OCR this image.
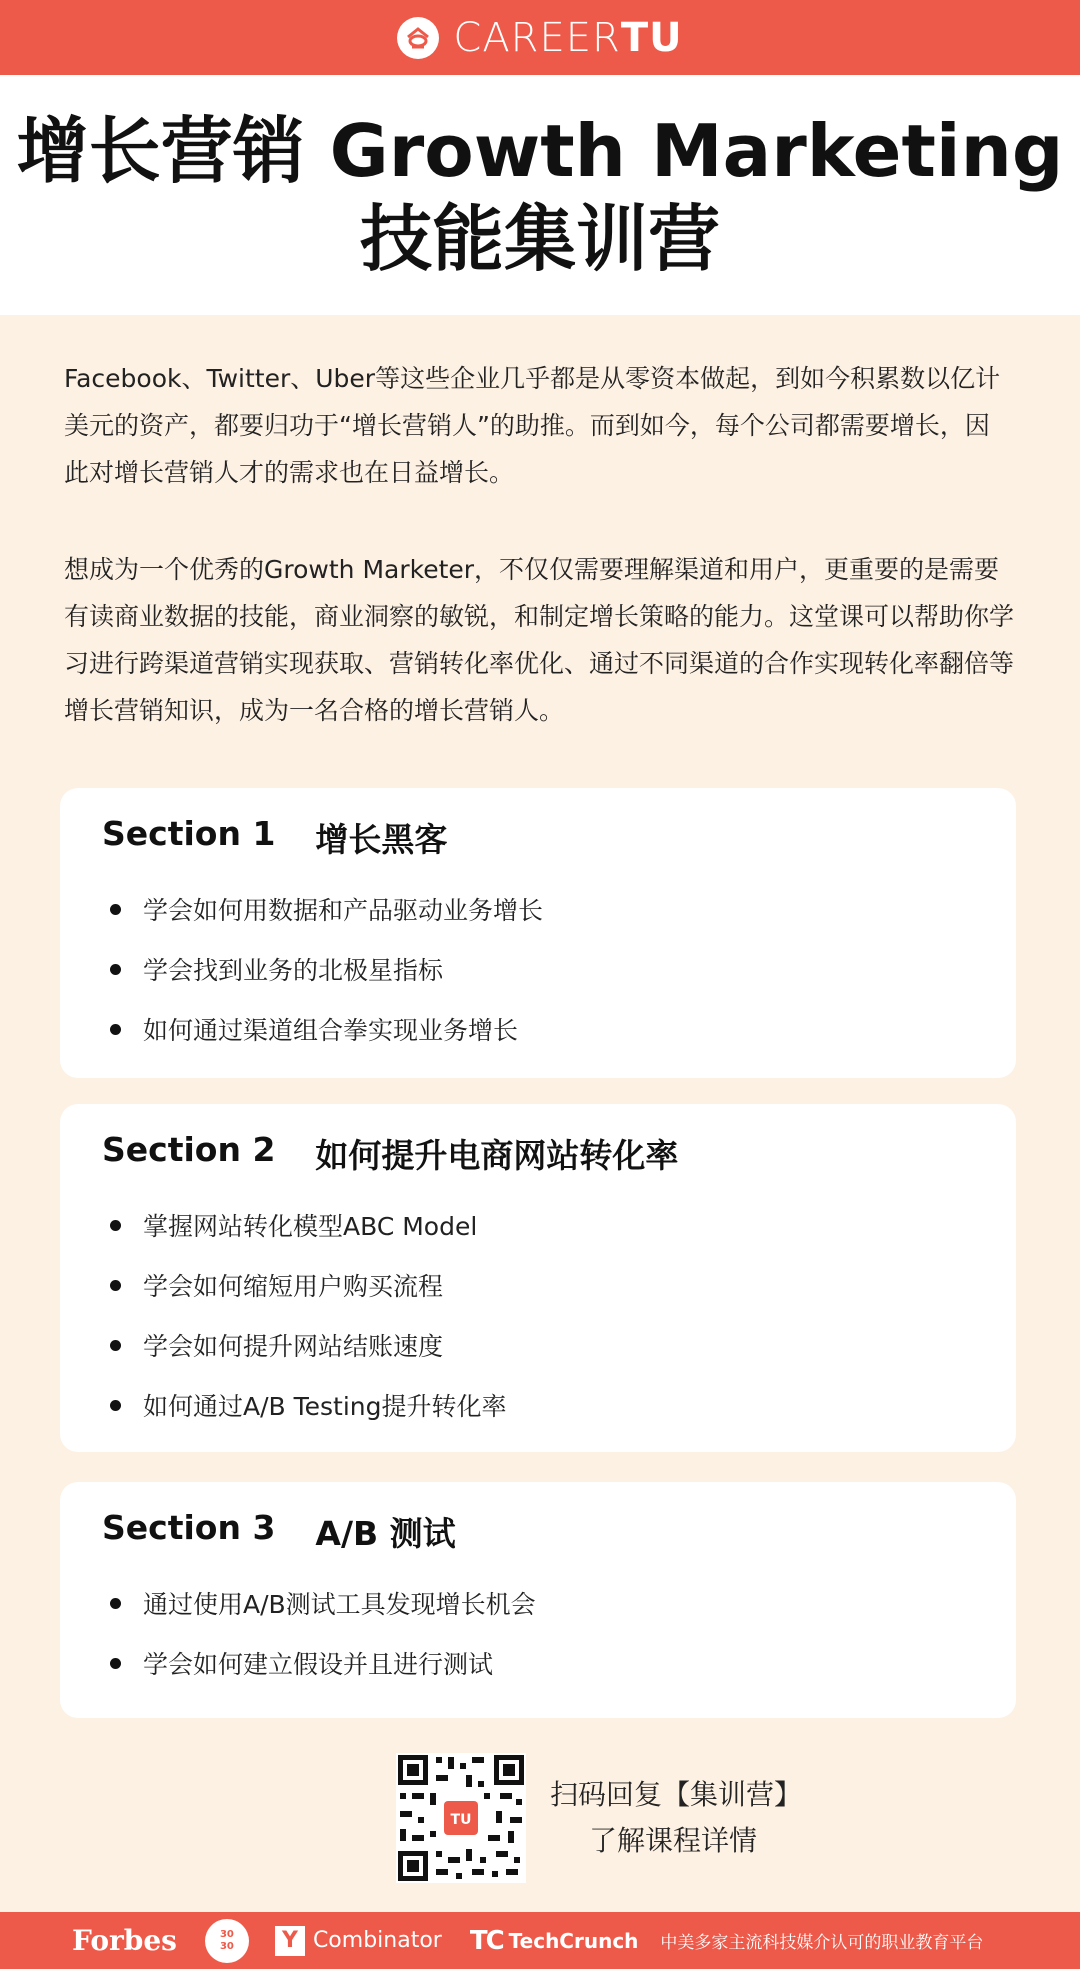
CAREERTU
增长营销 Growth Marketing
技能集训营

Facebook、Twitter、Uber等这些企业几乎都是从零资本做起，到如今积累数以亿计美元的资产，都要归功于“增长营销人”的助推。而到如今，每个公司都需要增长，因此对增长营销人才的需求也在日益增长。

想成为一个优秀的Growth Marketer，不仅仅需要理解渠道和用户，更重要的是需要有读商业数据的技能，商业洞察的敏锐，和制定增长策略的能力。这堂课可以帮助你学习进行跨渠道营销实现获取、营销转化率优化、通过不同渠道的合作实现转化率翻倍等增长营销知识，成为一名合格的增长营销人。

Section 1 增长黑客
学会如何用数据和产品驱动业务增长
学会找到业务的北极星指标
如何通过渠道组合拳实现业务增长
Section 2 如何提升电商网站转化率
掌握网站转化模型ABC Model
学会如何缩短用户购买流程
学会如何提升网站结账速度
如何通过A/B Testing提升转化率
Section 3 A/B 测试
通过使用A/B测试工具发现增长机会
学会如何建立假设并且进行测试
TU
扫码回复【集训营】
了解课程详情
Forbes	30
30	Y Combinator TC TechCrunch 中美多家主流科技媒介认可的职业教育平台
